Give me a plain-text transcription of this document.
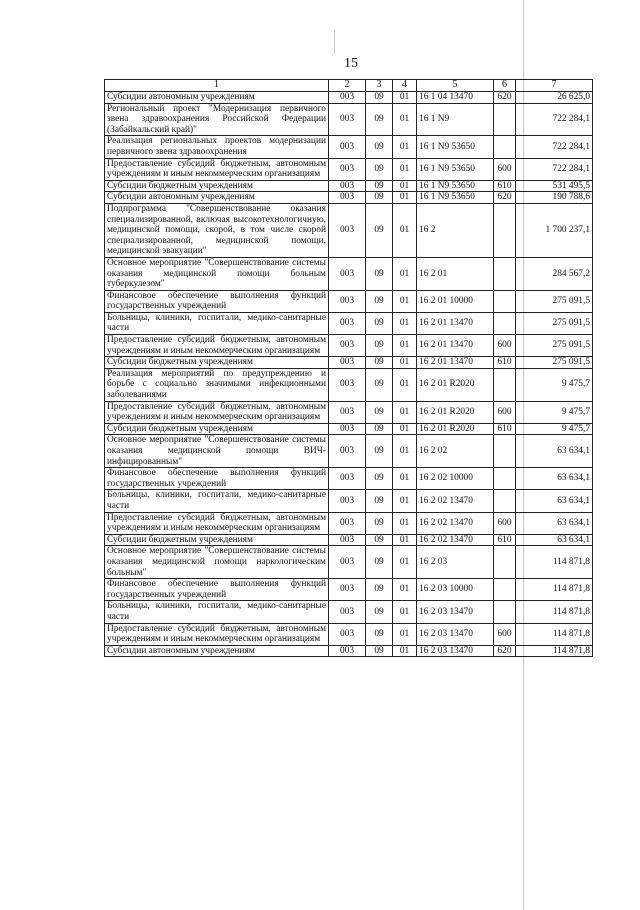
15
1	2	3	4	5	6	7
Субсидии автономным учреждениям	003	09	01	16 1 04 13470	620	26 625,0
Региональный проект "Модернизация первичного звена здравоохранения Российской Федерации (Забайкальский край)"	003	09	01	16 1 N9		722 284,1
Реализация региональных проектов модернизации первичного звена здравоохранения	003	09	01	16 1 N9 53650		722 284,1
Предоставление субсидий бюджетным, автономным учреждениям и иным некоммерческим организациям	003	09	01	16 1 N9 53650	600	722 284,1
Субсидии бюджетным учреждениям	003	09	01	16 1 N9 53650	610	531 495,5
Субсидии автономным учреждениям	003	09	01	16 1 N9 53650	620	190 788,6
Подпрограмма "Совершенствование оказания специализированной, включая высокотехнологичную, медицинской помощи, скорой, в том числе скорой специализированной, медицинской помощи, медицинской эвакуации"	003	09	01	16 2		1 700 237,1
Основное мероприятие "Совершенствование системы оказания медицинской помощи больным туберкулезом"	003	09	01	16 2 01		284 567,2
Финансовое обеспечение выполнения функций государственных учреждений	003	09	01	16 2 01 10000		275 091,5
Больницы, клиники, госпитали, медико-санитарные части	003	09	01	16 2 01 13470		275 091,5
Предоставление субсидий бюджетным, автономным учреждениям и иным некоммерческим организациям	003	09	01	16 2 01 13470	600	275 091,5
Субсидии бюджетным учреждениям	003	09	01	16 2 01 13470	610	275 091,5
Реализация мероприятий по предупреждению и борьбе с социально значимыми инфекционными заболеваниями	003	09	01	16 2 01 R2020		9 475,7
Предоставление субсидий бюджетным, автономным учреждениям и иным некоммерческим организациям	003	09	01	16 2 01 R2020	600	9 475,7
Субсидии бюджетным учреждениям	003	09	01	16 2 01 R2020	610	9 475,7
Основное мероприятие "Совершенствование системы оказания медицинской помощи ВИЧ-инфицированным"	003	09	01	16 2 02		63 634,1
Финансовое обеспечение выполнения функций государственных учреждений	003	09	01	16 2 02 10000		63 634,1
Больницы, клиники, госпитали, медико-санитарные части	003	09	01	16 2 02 13470		63 634,1
Предоставление субсидий бюджетным, автономным учреждениям и иным некоммерческим организациям	003	09	01	16 2 02 13470	600	63 634,1
Субсидии бюджетным учреждениям	003	09	01	16 2 02 13470	610	63 634,1
Основное мероприятие "Совершенствование системы оказания медицинской помощи наркологическим больным"	003	09	01	16 2 03		114 871,8
Финансовое обеспечение выполнения функций государственных учреждений	003	09	01	16 2 03 10000		114 871,8
Больницы, клиники, госпитали, медико-санитарные части	003	09	01	16 2 03 13470		114 871,8
Предоставление субсидий бюджетным, автономным учреждениям и иным некоммерческим организациям	003	09	01	16 2 03 13470	600	114 871,8
Субсидии автономным учреждениям	003	09	01	16 2 03 13470	620	114 871,8
